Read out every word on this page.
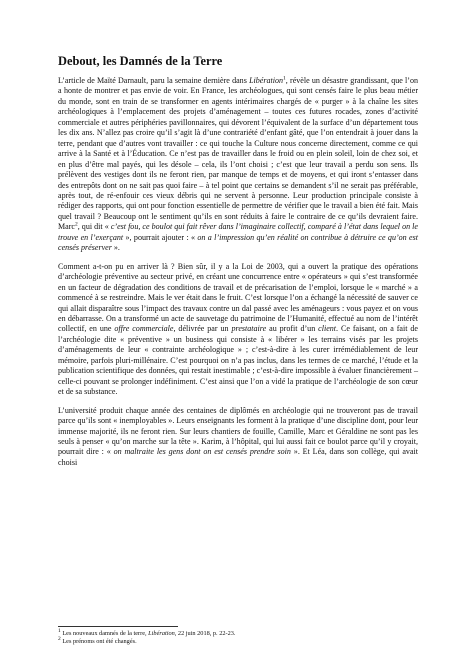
Debout, les Damnés de la Terre

L’article de Maïté Darnault, paru la semaine dernière dans Libération$^1$, révèle un désastre grandissant, que l’on a honte de montrer et pas envie de voir. En France, les archéologues, qui sont censés faire le plus beau métier du monde, sont en train de se transformer en agents intérimaires chargés de « purger » à la chaîne les sites archéologiques à l’emplacement des projets d’aménagement – toutes ces futures rocades, zones d’activité commerciale et autres périphéries pavillonnaires, qui dévorent l’équivalent de la surface d’un département tous les dix ans. N’allez pas croire qu’il s’agit là d’une contrariété d’enfant gâté, que l’on entendrait à jouer dans la terre, pendant que d’autres vont travailler : ce qui touche la Culture nous concerne directement, comme ce qui arrive à la Santé et à l’Éducation. Ce n’est pas de travailler dans le froid ou en plein soleil, loin de chez soi, et en plus d’être mal payés, qui les désole – cela, ils l’ont choisi ; c’est que leur travail a perdu son sens. Ils prélèvent des vestiges dont ils ne feront rien, par manque de temps et de moyens, et qui iront s’entasser dans des entrepôts dont on ne sait pas quoi faire – à tel point que certains se demandent s’il ne serait pas préférable, après tout, de ré-enfouir ces vieux débris qui ne servent à personne. Leur production principale consiste à rédiger des rapports, qui ont pour fonction essentielle de permettre de vérifier que le travail a bien été fait. Mais quel travail ? Beaucoup ont le sentiment qu’ils en sont réduits à faire le contraire de ce qu’ils devraient faire. Marc$^2$, qui dit « c’est fou, ce boulot qui fait rêver dans l’imaginaire collectif, comparé à l’état dans lequel on le trouve en l’exerçant », pourrait ajouter : « on a l’impression qu’en réalité on contribue à détruire ce qu’on est censés préserver ».

Comment a-t-on pu en arriver là ? Bien sûr, il y a la Loi de 2003, qui a ouvert la pratique des opérations d’archéologie préventive au secteur privé, en créant une concurrence entre « opérateurs » qui s’est transformée en un facteur de dégradation des conditions de travail et de précarisation de l’emploi, lorsque le « marché » a commencé à se restreindre. Mais le ver était dans le fruit. C’est lorsque l’on a échangé la nécessité de sauver ce qui allait disparaître sous l’impact des travaux contre un dal passé avec les aménageurs : vous payez et on vous en débarrasse. On a transformé un acte de sauvetage du patrimoine de l’Humanité, effectué au nom de l’intérêt collectif, en une offre commerciale, délivrée par un prestataire au profit d’un client. Ce faisant, on a fait de l’archéologie dite « préventive » un business qui consiste à « libérer » les terrains visés par les projets d’aménagements de leur « contrainte archéologique » ; c’est-à-dire à les curer irrémédiablement de leur mémoire, parfois pluri-millénaire. C’est pourquoi on n’a pas inclus, dans les termes de ce marché, l’étude et la publication scientifique des données, qui restait inestimable ; c’est-à-dire impossible à évaluer financièrement – celle-ci pouvant se prolonger indéfiniment. C’est ainsi que l’on a vidé la pratique de l’archéologie de son cœur et de sa substance.

L’université produit chaque année des centaines de diplômés en archéologie qui ne trouveront pas de travail parce qu’ils sont « inemployables ». Leurs enseignants les forment à la pratique d’une discipline dont, pour leur immense majorité, ils ne feront rien. Sur leurs chantiers de fouille, Camille, Marc et Géraldine ne sont pas les seuls à penser « qu’on marche sur la tête ». Karim, à l’hôpital, qui lui aussi fait ce boulot parce qu’il y croyait, pourrait dire : « on maltraite les gens dont on est censés prendre soin ». Et Léa, dans son collège, qui avait choisi

$^1$ Les nouveaux damnés de la terre, Libération, 22 juin 2018, p. 22-23.
$^2$ Les prénoms ont été changés.
